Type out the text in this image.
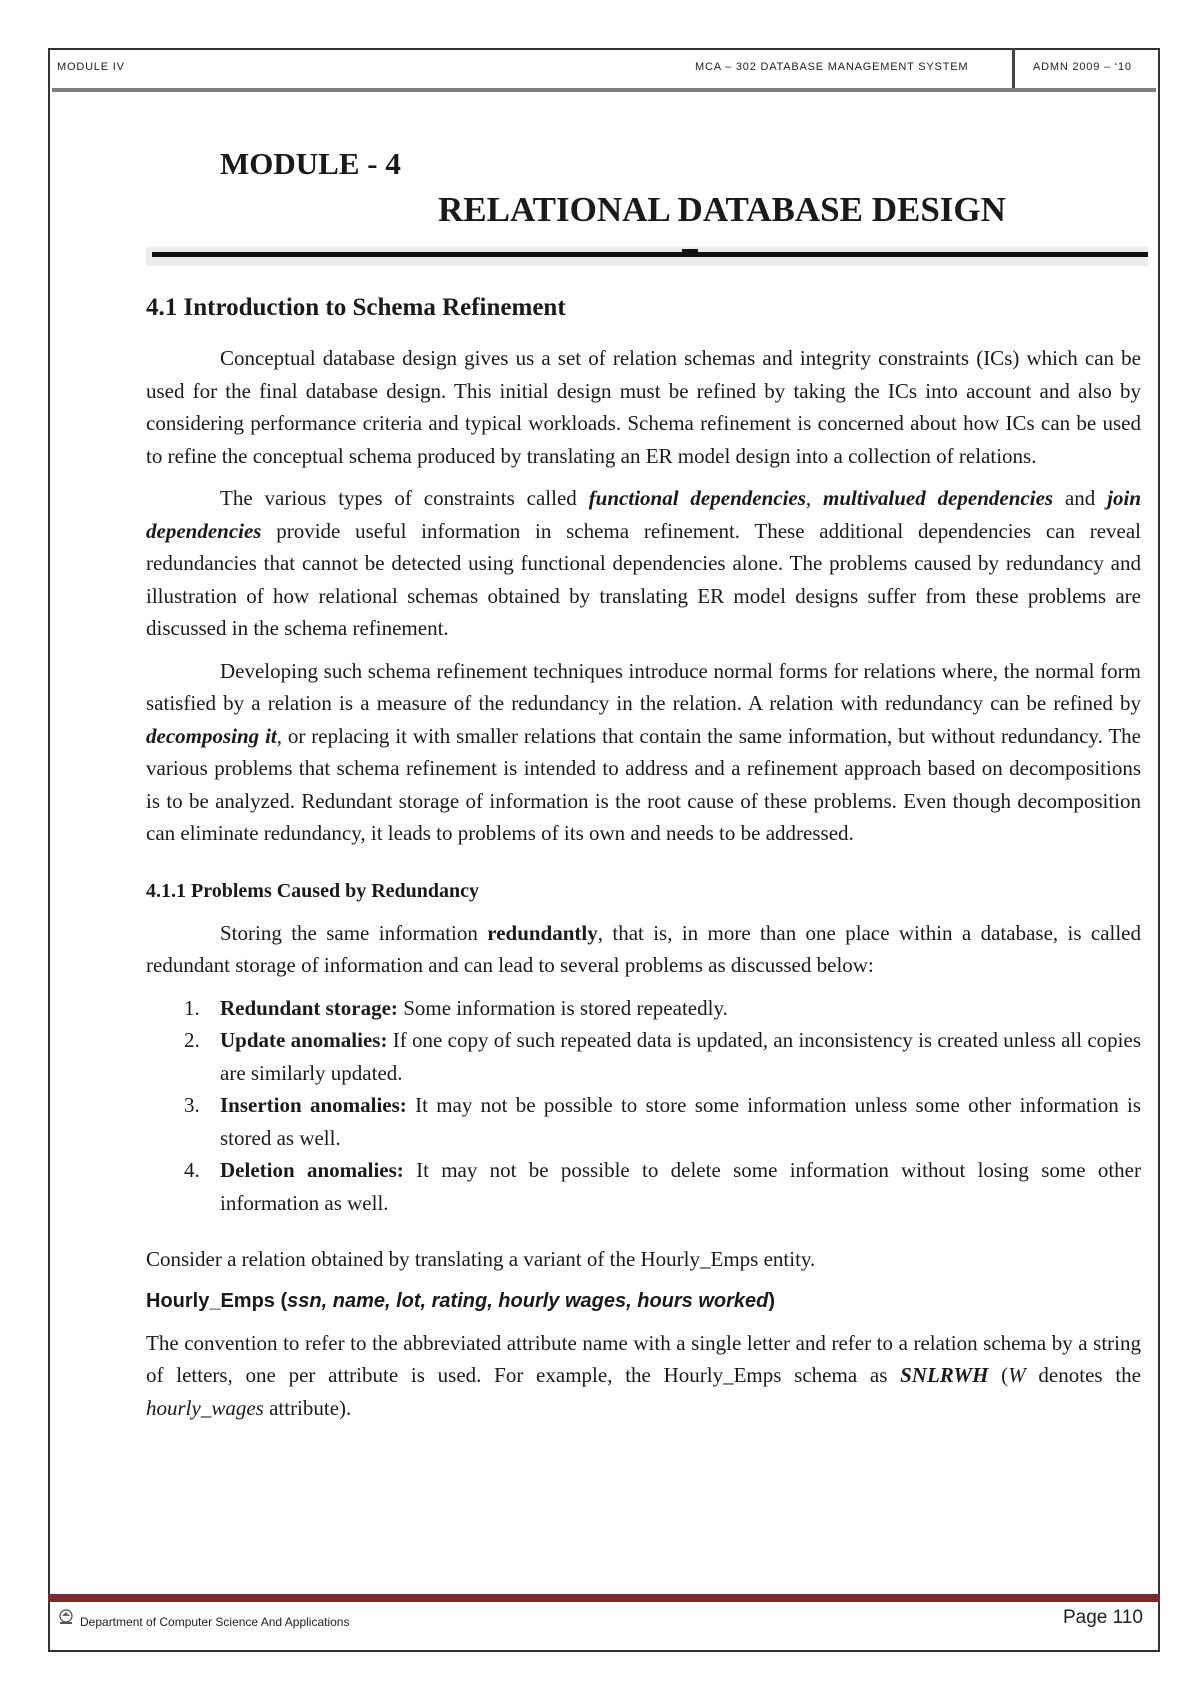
MODULE IV	MCA – 302 DATABASE MANAGEMENT SYSTEM	ADMN 2009 – ‘10
MODULE - 4
RELATIONAL DATABASE DESIGN
4.1 Introduction to Schema Refinement

Conceptual database design gives us a set of relation schemas and integrity constraints (ICs) which can be used for the final database design. This initial design must be refined by taking the ICs into account and also by considering performance criteria and typical workloads. Schema refinement is concerned about how ICs can be used to refine the conceptual schema produced by translating an ER model design into a collection of relations.

The various types of constraints called functional dependencies, multivalued dependencies and join dependencies provide useful information in schema refinement. These additional dependencies can reveal redundancies that cannot be detected using functional dependencies alone. The problems caused by redundancy and illustration of how relational schemas obtained by translating ER model designs suffer from these problems are discussed in the schema refinement.

Developing such schema refinement techniques introduce normal forms for relations where, the normal form satisfied by a relation is a measure of the redundancy in the relation. A relation with redundancy can be refined by decomposing it, or replacing it with smaller relations that contain the same information, but without redundancy. The various problems that schema refinement is intended to address and a refinement approach based on decompositions is to be analyzed. Redundant storage of information is the root cause of these problems. Even though decomposition can eliminate redundancy, it leads to problems of its own and needs to be addressed.

4.1.1 Problems Caused by Redundancy

Storing the same information redundantly, that is, in more than one place within a database, is called redundant storage of information and can lead to several problems as discussed below:

1. Redundant storage: Some information is stored repeatedly.
2. Update anomalies: If one copy of such repeated data is updated, an inconsistency is created unless all copies are similarly updated.
3. Insertion anomalies: It may not be possible to store some information unless some other information is stored as well.
4. Deletion anomalies: It may not be possible to delete some information without losing some other information as well.

Consider a relation obtained by translating a variant of the Hourly_Emps entity.

Hourly_Emps (ssn, name, lot, rating, hourly wages, hours worked)

The convention to refer to the abbreviated attribute name with a single letter and refer to a relation schema by a string of letters, one per attribute is used. For example, the Hourly_Emps schema as SNLRWH (W denotes the hourly_wages attribute).

Department of Computer Science And Applications	Page 110
